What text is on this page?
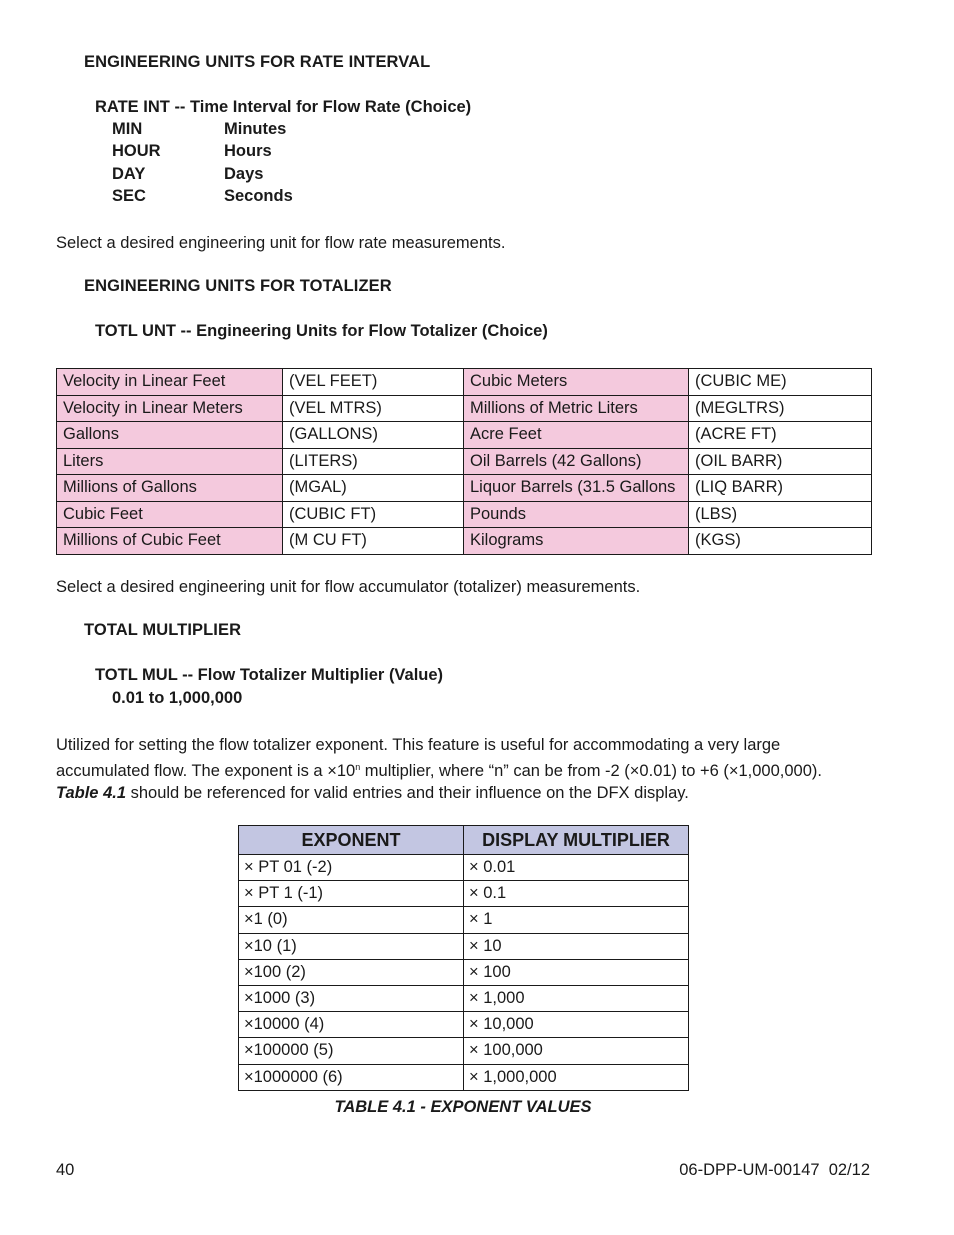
ENGINEERING UNITS FOR RATE INTERVAL
RATE INT -- Time Interval for Flow Rate (Choice)
MIN	Minutes
HOUR	Hours
DAY	Days
SEC	Seconds
Select a desired engineering unit for flow rate measurements.
ENGINEERING UNITS FOR TOTALIZER
TOTL UNT -- Engineering Units for Flow Totalizer (Choice)
Velocity in Linear Feet	(VEL FEET)	Cubic Meters	(CUBIC ME)
Velocity in Linear Meters	(VEL MTRS)	Millions of Metric Liters	(MEGLTRS)
Gallons	(GALLONS)	Acre Feet	(ACRE FT)
Liters	(LITERS)	Oil Barrels (42 Gallons)	(OIL BARR)
Millions of Gallons	(MGAL)	Liquor Barrels (31.5 Gallons	(LIQ BARR)
Cubic Feet	(CUBIC FT)	Pounds	(LBS)
Millions of Cubic Feet	(M CU FT)	Kilograms	(KGS)
Select a desired engineering unit for flow accumulator (totalizer) measurements.
TOTAL MULTIPLIER
TOTL MUL -- Flow Totalizer Multiplier (Value)
0.01 to 1,000,000
Utilized for setting the flow totalizer exponent. This feature is useful for accommodating a very large
accumulated flow. The exponent is $a \times 10^n$ multiplier, where “n” can be from -2 (×0.01) to +6 (×1,000,000).
Table 4.1 should be referenced for valid entries and their influence on the DFX display.
EXPONENT	DISPLAY MULTIPLIER
× PT 01 (-2)	× 0.01
× PT 1 (-1)	× 0.1
×1 (0)	× 1
×10 (1)	× 10
×100 (2)	× 100
×1000 (3)	× 1,000
×10000 (4)	× 10,000
×100000 (5)	× 100,000
×1000000 (6)	× 1,000,000
TABLE 4.1 - EXPONENT VALUES
40	06-DPP-UM-00147  02/12
